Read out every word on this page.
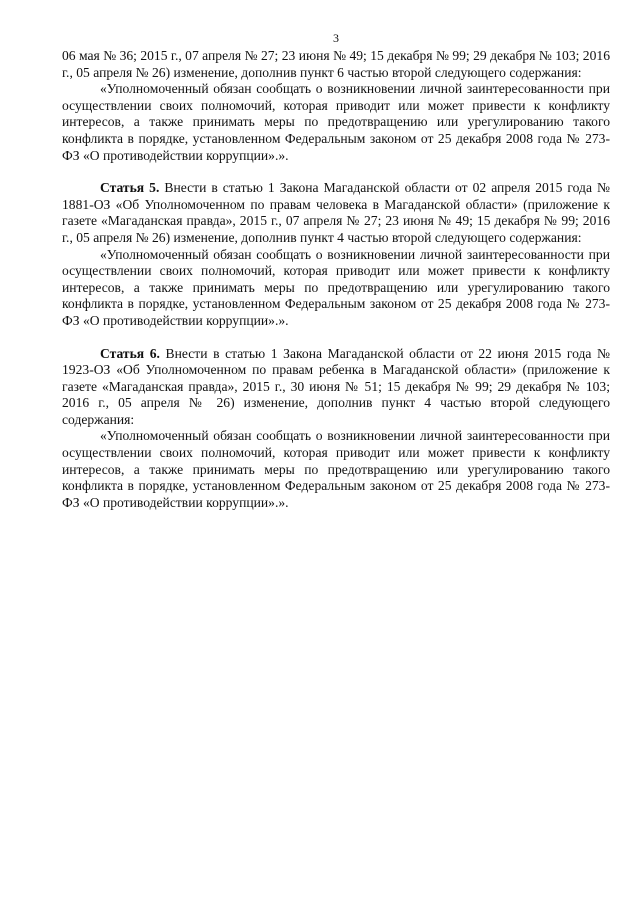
3

06 мая № 36; 2015 г., 07 апреля № 27; 23 июня № 49; 15 декабря № 99; 29 декабря № 103; 2016 г., 05 апреля № 26) изменение, дополнив пункт 6 частью второй следующего содержания:

«Уполномоченный обязан сообщать о возникновении личной заинтересованности при осуществлении своих полномочий, которая приводит или может привести к конфликту интересов, а также принимать меры по предотвращению или урегулированию такого конфликта в порядке, установленном Федеральным законом от 25 декабря 2008 года № 273-ФЗ «О противодействии коррупции».».

Статья 5. Внести в статью 1 Закона Магаданской области от 02 апреля 2015 года № 1881-ОЗ «Об Уполномоченном по правам человека в Магаданской области» (приложение к газете «Магаданская правда», 2015 г., 07 апреля № 27; 23 июня № 49; 15 декабря № 99; 2016 г., 05 апреля № 26) изменение, дополнив пункт 4 частью второй следующего содержания:

«Уполномоченный обязан сообщать о возникновении личной заинтересованности при осуществлении своих полномочий, которая приводит или может привести к конфликту интересов, а также принимать меры по предотвращению или урегулированию такого конфликта в порядке, установленном Федеральным законом от 25 декабря 2008 года № 273-ФЗ «О противодействии коррупции».».

Статья 6. Внести в статью 1 Закона Магаданской области от 22 июня 2015 года № 1923-ОЗ «Об Уполномоченном по правам ребенка в Магаданской области» (приложение к газете «Магаданская правда», 2015 г., 30 июня № 51; 15 декабря № 99; 29 декабря № 103; 2016 г., 05 апреля № 26) изменение, дополнив пункт 4 частью второй следующего содержания:

«Уполномоченный обязан сообщать о возникновении личной заинтересованности при осуществлении своих полномочий, которая приводит или может привести к конфликту интересов, а также принимать меры по предотвращению или урегулированию такого конфликта в порядке, установленном Федеральным законом от 25 декабря 2008 года № 273-ФЗ «О противодействии коррупции».».
